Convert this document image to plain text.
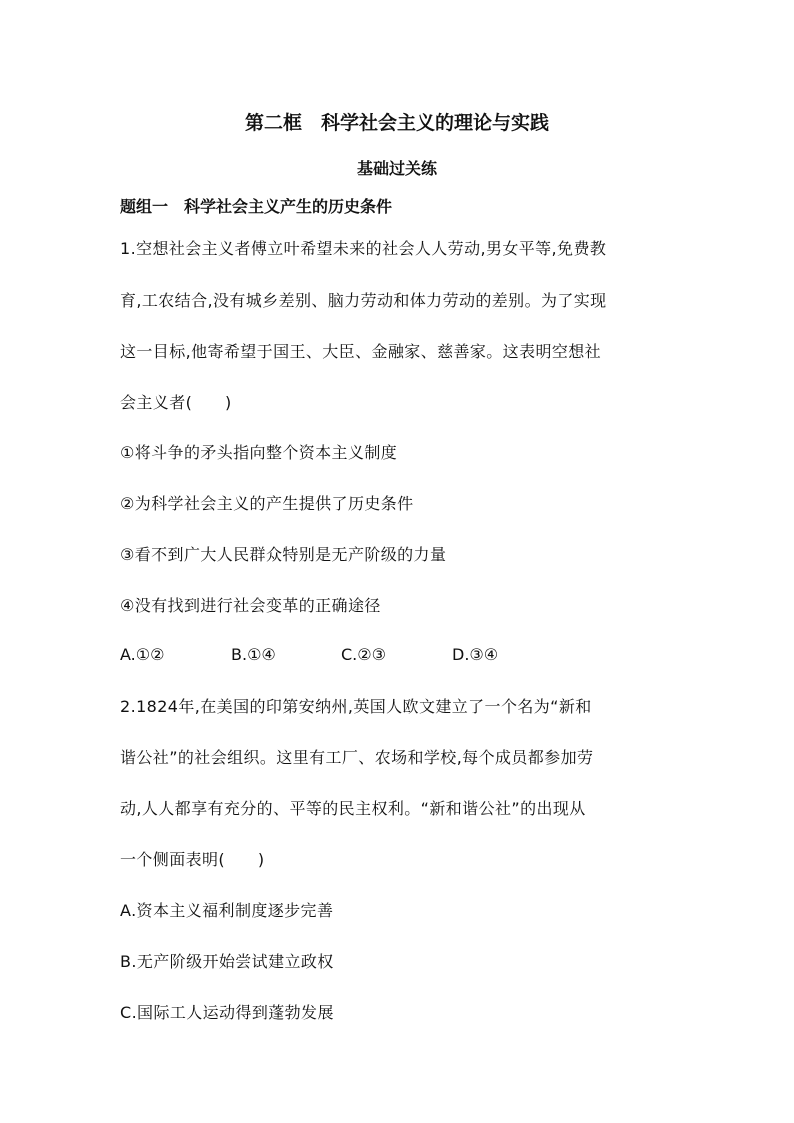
第二框　科学社会主义的理论与实践
基础过关练
题组一　科学社会主义产生的历史条件
1.空想社会主义者傅立叶希望未来的社会人人劳动,男女平等,免费教
育,工农结合,没有城乡差别、脑力劳动和体力劳动的差别。为了实现
这一目标,他寄希望于国王、大臣、金融家、慈善家。这表明空想社
会主义者(　　)
①将斗争的矛头指向整个资本主义制度
②为科学社会主义的产生提供了历史条件
③看不到广大人民群众特别是无产阶级的力量
④没有找到进行社会变革的正确途径
A.①②	B.①④	C.②③	D.③④
2.1824年,在美国的印第安纳州,英国人欧文建立了一个名为“新和
谐公社”的社会组织。这里有工厂、农场和学校,每个成员都参加劳
动,人人都享有充分的、平等的民主权利。“新和谐公社”的出现从
一个侧面表明(　　)
A.资本主义福利制度逐步完善
B.无产阶级开始尝试建立政权
C.国际工人运动得到蓬勃发展
